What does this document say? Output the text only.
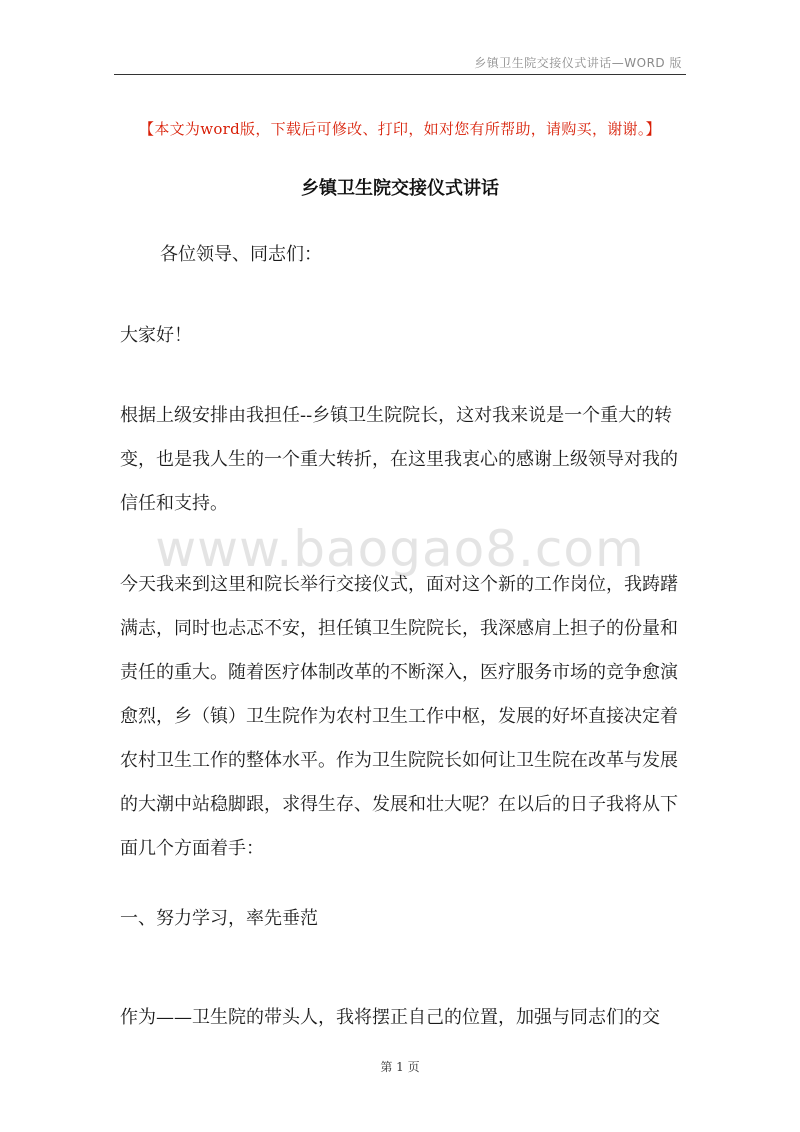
乡镇卫生院交接仪式讲话—WORD 版
【本文为word版，下载后可修改、打印，如对您有所帮助，请购买，谢谢。】
乡镇卫生院交接仪式讲话
www.baogao8.com

各位领导、同志们：

大家好！

根据上级安排由我担任--乡镇卫生院院长，这对我来说是一个重大的转变，也是我人生的一个重大转折，在这里我衷心的感谢上级领导对我的信任和支持。

今天我来到这里和院长举行交接仪式，面对这个新的工作岗位，我踌躇满志，同时也忐忑不安，担任镇卫生院院长，我深感肩上担子的份量和责任的重大。随着医疗体制改革的不断深入，医疗服务市场的竞争愈演愈烈，乡（镇）卫生院作为农村卫生工作中枢，发展的好坏直接决定着农村卫生工作的整体水平。作为卫生院院长如何让卫生院在改革与发展的大潮中站稳脚跟，求得生存、发展和壮大呢？在以后的日子我将从下面几个方面着手：

一、努力学习，率先垂范

作为——卫生院的带头人，我将摆正自己的位置，加强与同志们的交

第 1 页
